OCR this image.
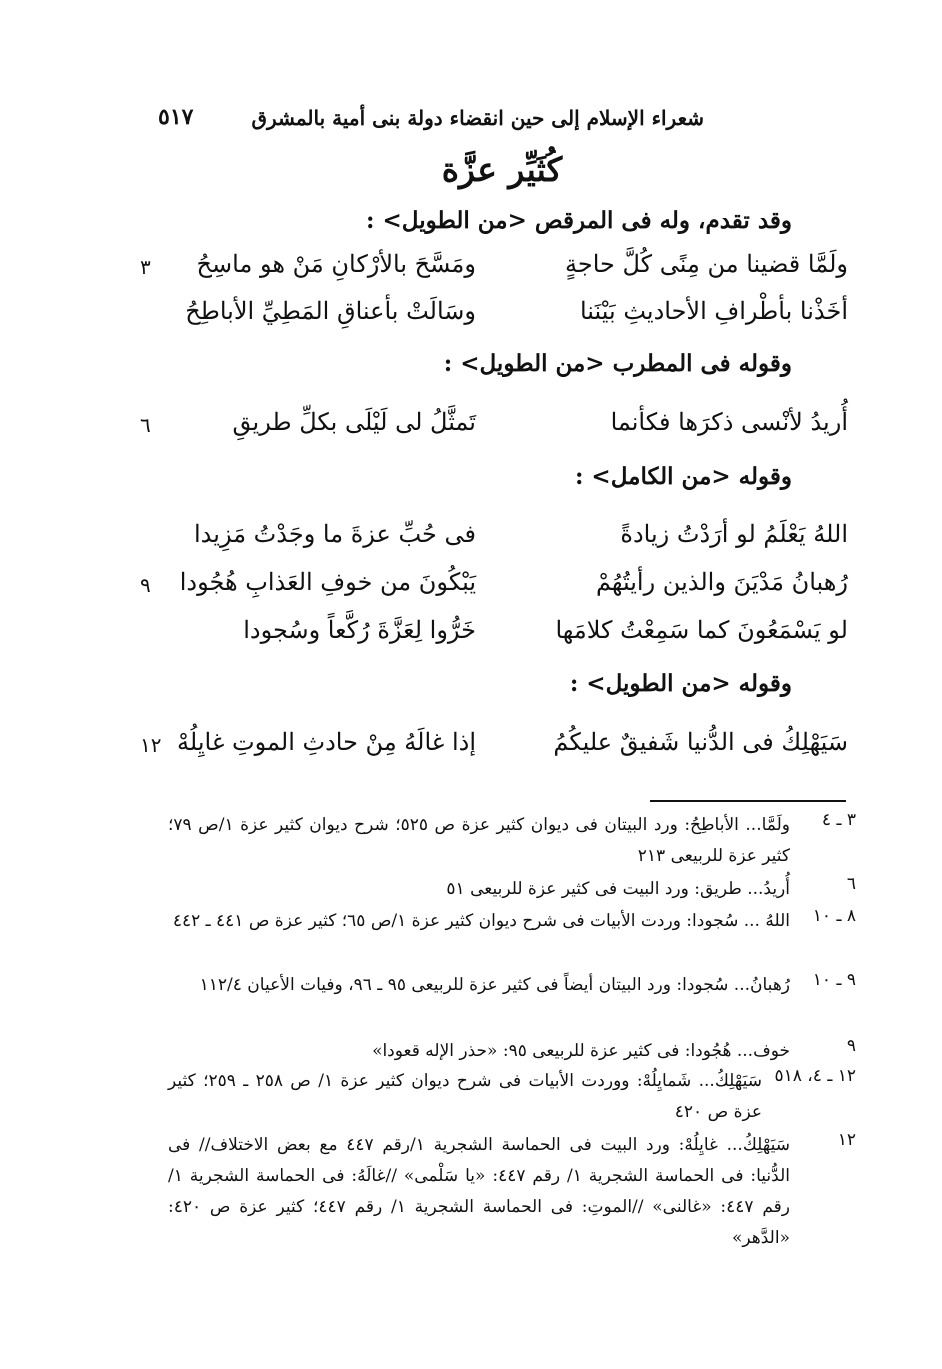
شعراء الإسلام إلى حين انقضاء دولة بنى أمية بالمشرق
٥١٧
كُثَيِّر عزَّة
وقد تقدم، وله فى المرقص <من الطويل> :
ولَمَّا قضينا من مِنًى كُلَّ حاجةٍ
ومَسَّحَ بالأرْكانِ مَنْ هو ماسِحُ
٣
أخَذْنا بأطْرافِ الأحاديثِ بَيْنَنا
وسَالَتْ بأعناقِ المَطِيِّ الأباطِحُ
وقوله فى المطرب <من الطويل> :
أُريدُ لأنْسى ذكرَها فكأنما
تَمثَّلُ لى لَيْلَى بكلِّ طريقِ
٦
وقوله <من الكامل> :
اللهُ يَعْلَمُ لو أرَدْتُ زيادةً
فى حُبِّ عزةَ ما وجَدْتُ مَزِيدا
رُهبانُ مَدْيَنَ والذين رأيتُهُمْ
يَبْكُونَ من خوفِ العَذابِ هُجُودا
٩
لو يَسْمَعُونَ كما سَمِعْتُ كلامَها
خَرُّوا لِعَزَّةَ رُكَّعاً وسُجودا
وقوله <من الطويل> :
سَيَهْلِكُ فى الدُّنيا شَفيقٌ عليكُمُ
إذا غالَهُ مِنْ حادثِ الموتِ غايِلُهْ
١٢
٣ ـ ٤
ولَمَّا... الأباطِحُ: ورد البيتان فى ديوان كثير عزة ص ٥٢٥؛ شرح ديوان كثير عزة ١/ص ٧٩؛ كثير عزة للربيعى ٢١٣
٦
أُريدُ... طريق: ورد البيت فى كثير عزة للربيعى ٥١
٨ ـ ١٠
اللهُ ... سُجودا: وردت الأبيات فى شرح ديوان كثير عزة ١/ص ٦٥؛ كثير عزة ص ٤٤١ ـ ٤٤٢
٩ ـ ١٠
رُهبانُ... سُجودا: ورد البيتان أيضاً فى كثير عزة للربيعى ٩٥ ـ ٩٦، وفيات الأعيان ١١٢/٤
٩
خوف... هُجُودا: فى كثير عزة للربيعى ٩٥: «حذر الإله قعودا»
١٢ ـ ٤، ٥١٨
سَيَهْلِكُ... شَمايِلُهْ: ووردت الأبيات فى شرح ديوان كثير عزة ١/ ص ٢٥٨ ـ ٢٥٩؛ كثير عزة ص ٤٢٠
١٢
سَيَهْلِكُ... غايِلُهْ: ورد البيت فى الحماسة الشجرية ١/رقم ٤٤٧ مع بعض الاختلاف// فى الدُّنيا: فى الحماسة الشجرية ١/ رقم ٤٤٧: «يا سَلْمى» //غالَهُ: فى الحماسة الشجرية ١/ رقم ٤٤٧: «غالنى» //الموتِ: فى الحماسة الشجرية ١/ رقم ٤٤٧؛ كثير عزة ص ٤٢٠: «الدَّهر»
